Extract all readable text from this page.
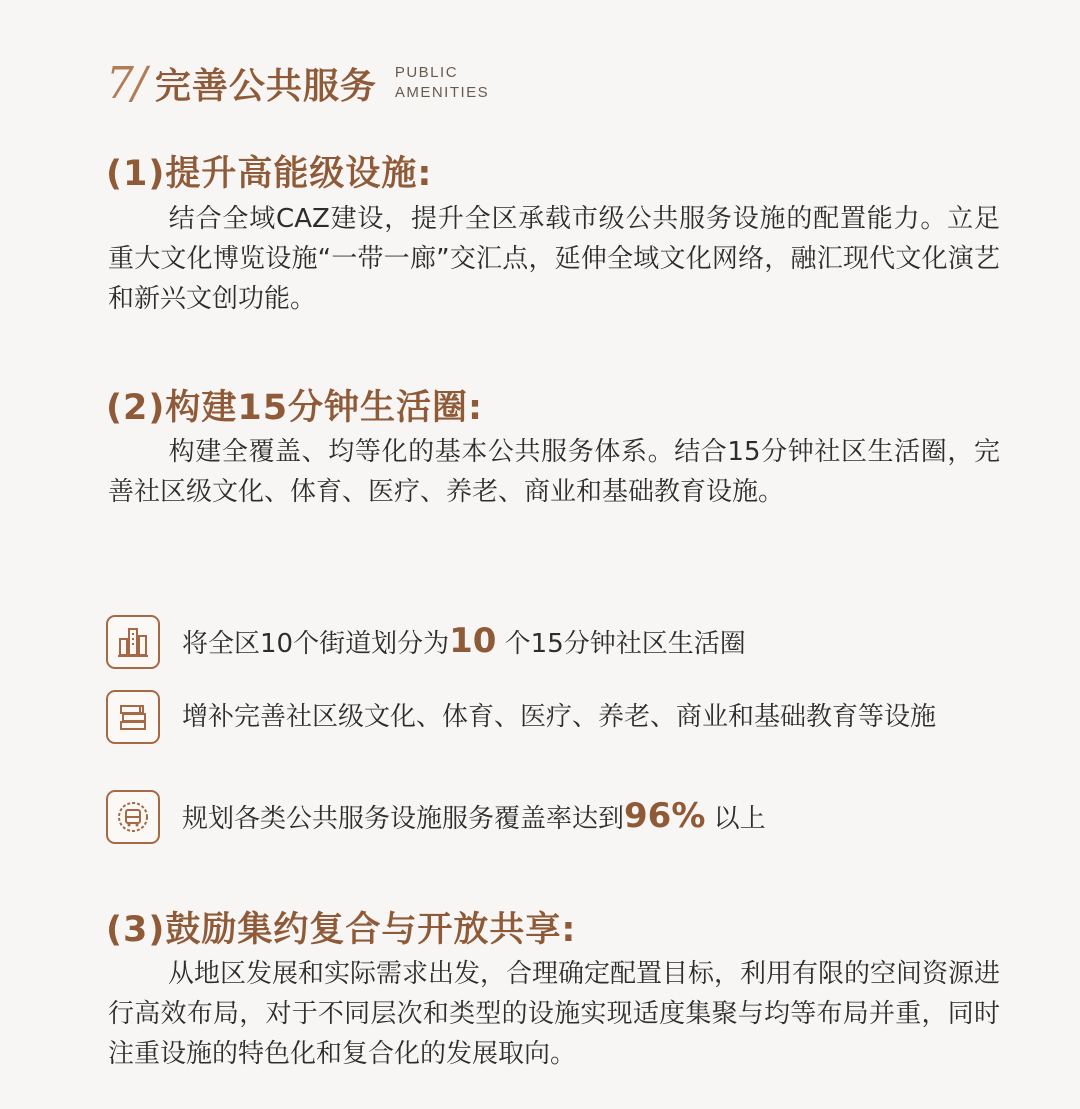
7/ 完善公共服务 PUBLIC
AMENITIES
(1)提升高能级设施:
结合全域CAZ建设，提升全区承载市级公共服务设施的配置能力。立足重大文化博览设施“一带一廊”交汇点，延伸全域文化网络，融汇现代文化演艺和新兴文创功能。
(2)构建15分钟生活圈:
构建全覆盖、均等化的基本公共服务体系。结合15分钟社区生活圈，完善社区级文化、体育、医疗、养老、商业和基础教育设施。
将全区10个街道划分为10 个15分钟社区生活圈
增补完善社区级文化、体育、医疗、养老、商业和基础教育等设施
规划各类公共服务设施服务覆盖率达到96% 以上
(3)鼓励集约复合与开放共享:
从地区发展和实际需求出发，合理确定配置目标，利用有限的空间资源进行高效布局，对于不同层次和类型的设施实现适度集聚与均等布局并重，同时注重设施的特色化和复合化的发展取向。
